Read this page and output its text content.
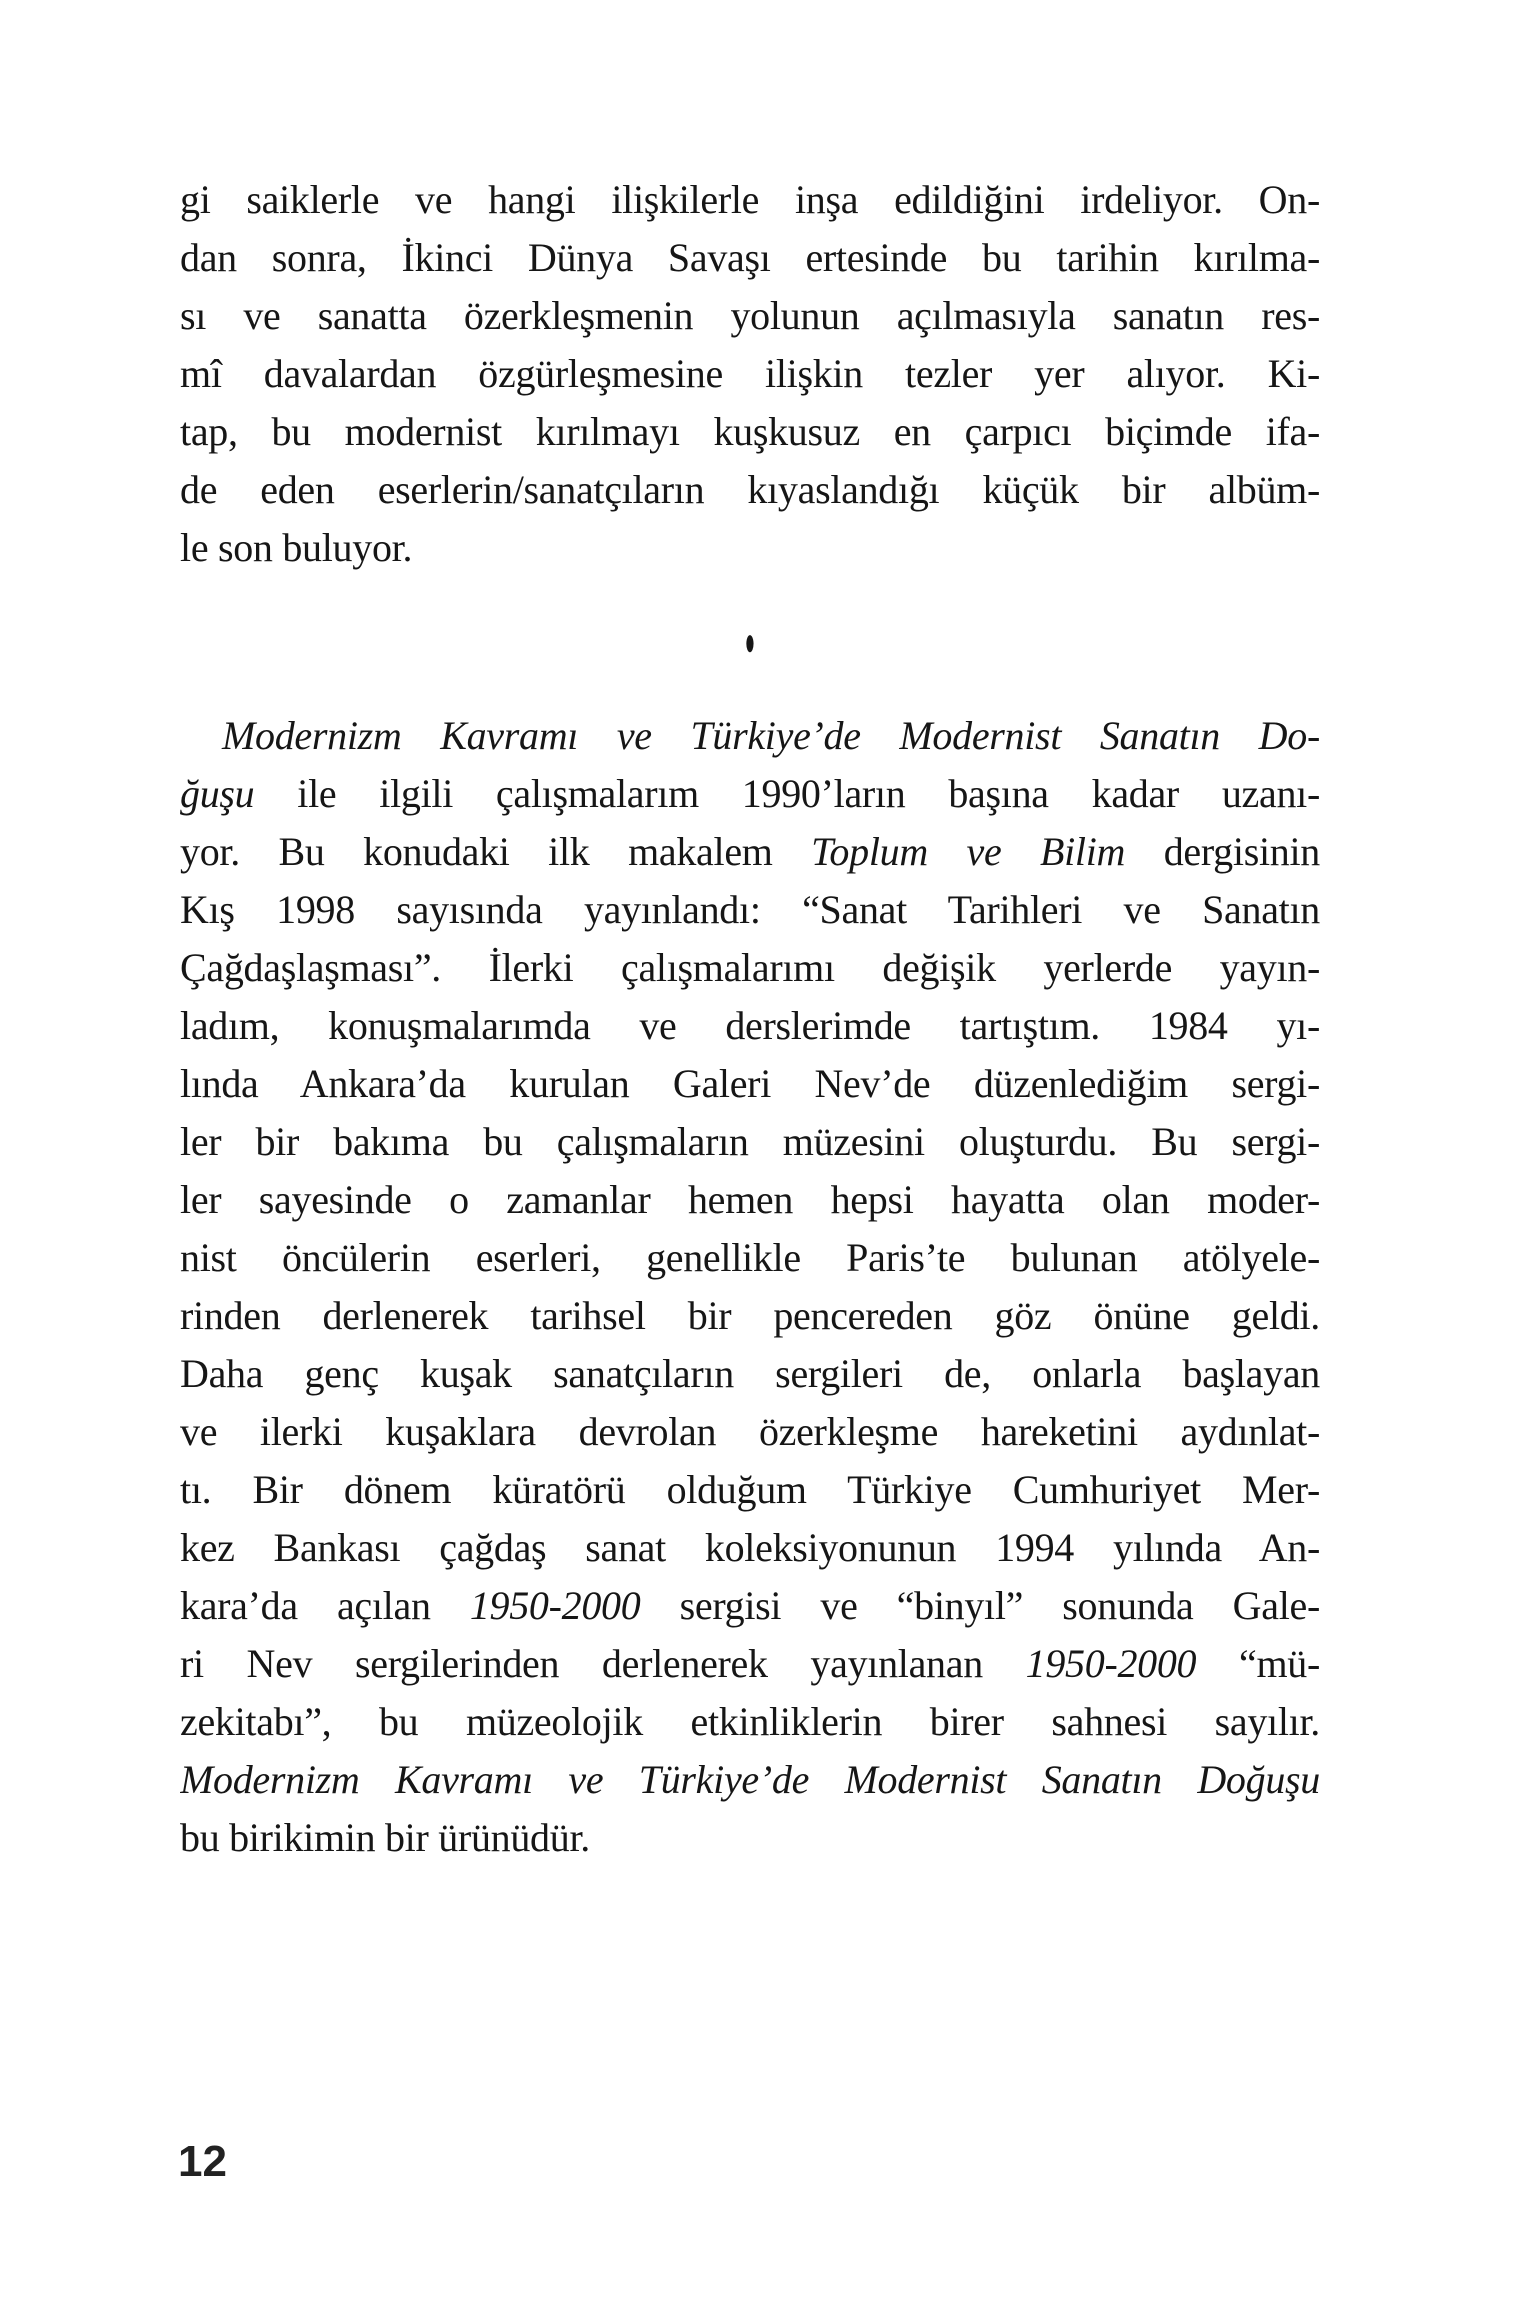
gi saiklerle ve hangi ilişkilerle inşa edildiğini irdeliyor. On-
dan sonra, İkinci Dünya Savaşı ertesinde bu tarihin kırılma-
sı ve sanatta özerkleşmenin yolunun açılmasıyla sanatın res-
mî davalardan özgürleşmesine ilişkin tezler yer alıyor. Ki-
tap, bu modernist kırılmayı kuşkusuz en çarpıcı biçimde ifa-
de eden eserlerin/sanatçıların kıyaslandığı küçük bir albüm-
le son buluyor.
●
Modernizm Kavramı ve Türkiye’de Modernist Sanatın Do-
ğuşu ile ilgili çalışmalarım 1990’ların başına kadar uzanı-
yor. Bu konudaki ilk makalem Toplum ve Bilim dergisinin
Kış 1998 sayısında yayınlandı: “Sanat Tarihleri ve Sanatın
Çağdaşlaşması”. İlerki çalışmalarımı değişik yerlerde yayın-
ladım, konuşmalarımda ve derslerimde tartıştım. 1984 yı-
lında Ankara’da kurulan Galeri Nev’de düzenlediğim sergi-
ler bir bakıma bu çalışmaların müzesini oluşturdu. Bu sergi-
ler sayesinde o zamanlar hemen hepsi hayatta olan moder-
nist öncülerin eserleri, genellikle Paris’te bulunan atölyele-
rinden derlenerek tarihsel bir pencereden göz önüne geldi.
Daha genç kuşak sanatçıların sergileri de, onlarla başlayan
ve ilerki kuşaklara devrolan özerkleşme hareketini aydınlat-
tı. Bir dönem küratörü olduğum Türkiye Cumhuriyet Mer-
kez Bankası çağdaş sanat koleksiyonunun 1994 yılında An-
kara’da açılan 1950-2000 sergisi ve “binyıl” sonunda Gale-
ri Nev sergilerinden derlenerek yayınlanan 1950-2000 “mü-
zekitabı”, bu müzeolojik etkinliklerin birer sahnesi sayılır.
Modernizm Kavramı ve Türkiye’de Modernist Sanatın Doğuşu
bu birikimin bir ürünüdür.
12
